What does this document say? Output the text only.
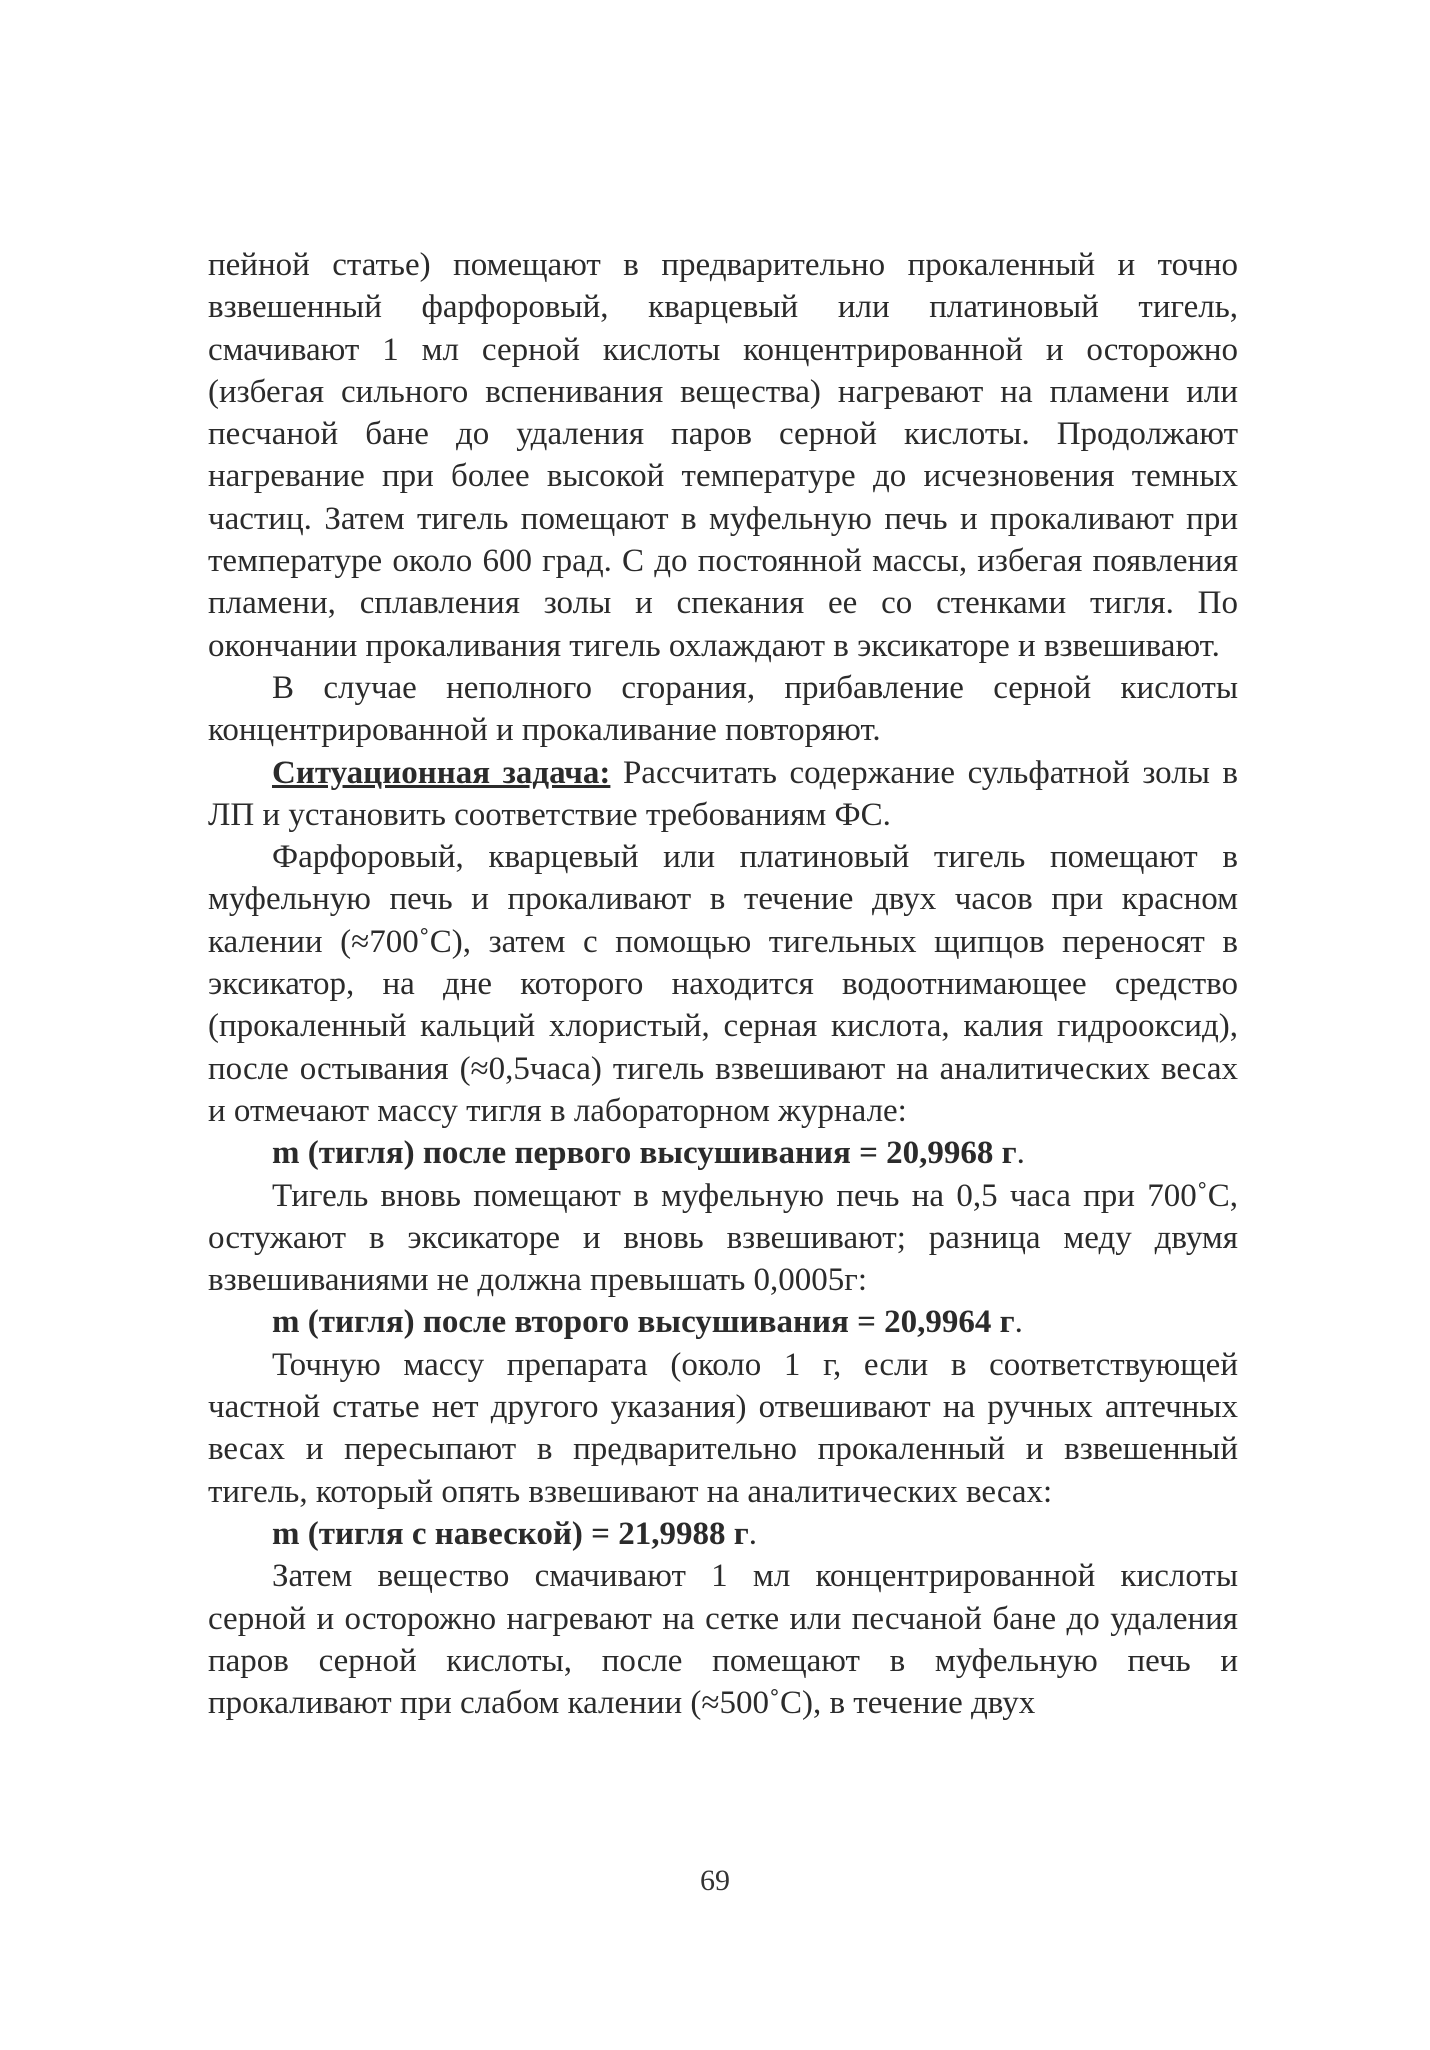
пейной статье) помещают в предварительно прокаленный и точно взвешенный фарфоровый, кварцевый или платиновый тигель, смачивают 1 мл серной кислоты концентрированной и осторожно (избегая сильного вспенивания вещества) нагревают на пламени или песчаной бане до удаления паров серной кислоты. Продолжают нагревание при более высокой температуре до исчезновения темных частиц. Затем тигель помещают в муфельную печь и прокаливают при температуре около 600 град. С до постоянной массы, избегая появления пламени, сплавления золы и спекания ее со стенками тигля. По окончании прокаливания тигель охлаждают в эксикаторе и взвешивают.

В случае неполного сгорания, прибавление серной кислоты концентрированной и прокаливание повторяют.

Ситуационная задача: Рассчитать содержание сульфатной золы в ЛП и установить соответствие требованиям ФС.

Фарфоровый, кварцевый или платиновый тигель помещают в муфельную печь и прокаливают в течение двух часов при красном калении (≈700˚С), затем с помощью тигельных щипцов переносят в эксикатор, на дне которого находится водоотнимающее средство (прокаленный кальций хлористый, серная кислота, калия гидрооксид), после остывания (≈0,5часа) тигель взвешивают на аналитических весах и отмечают массу тигля в лабораторном журнале:

m (тигля) после первого высушивания = 20,9968 г.

Тигель вновь помещают в муфельную печь на 0,5 часа при 700˚С, остужают в эксикаторе и вновь взвешивают; разница меду двумя взвешиваниями не должна превышать 0,0005г:

m (тигля) после второго высушивания = 20,9964 г.

Точную массу препарата (около 1 г, если в соответствующей частной статье нет другого указания) отвешивают на ручных аптечных весах и пересыпают в предварительно прокаленный и взвешенный тигель, который опять взвешивают на аналитических весах:

m (тигля с навеской) = 21,9988 г.

Затем вещество смачивают 1 мл концентрированной кислоты серной и осторожно нагревают на сетке или песчаной бане до удаления паров серной кислоты, после помещают в муфельную печь и прокаливают при слабом калении (≈500˚С), в течение двух

69
